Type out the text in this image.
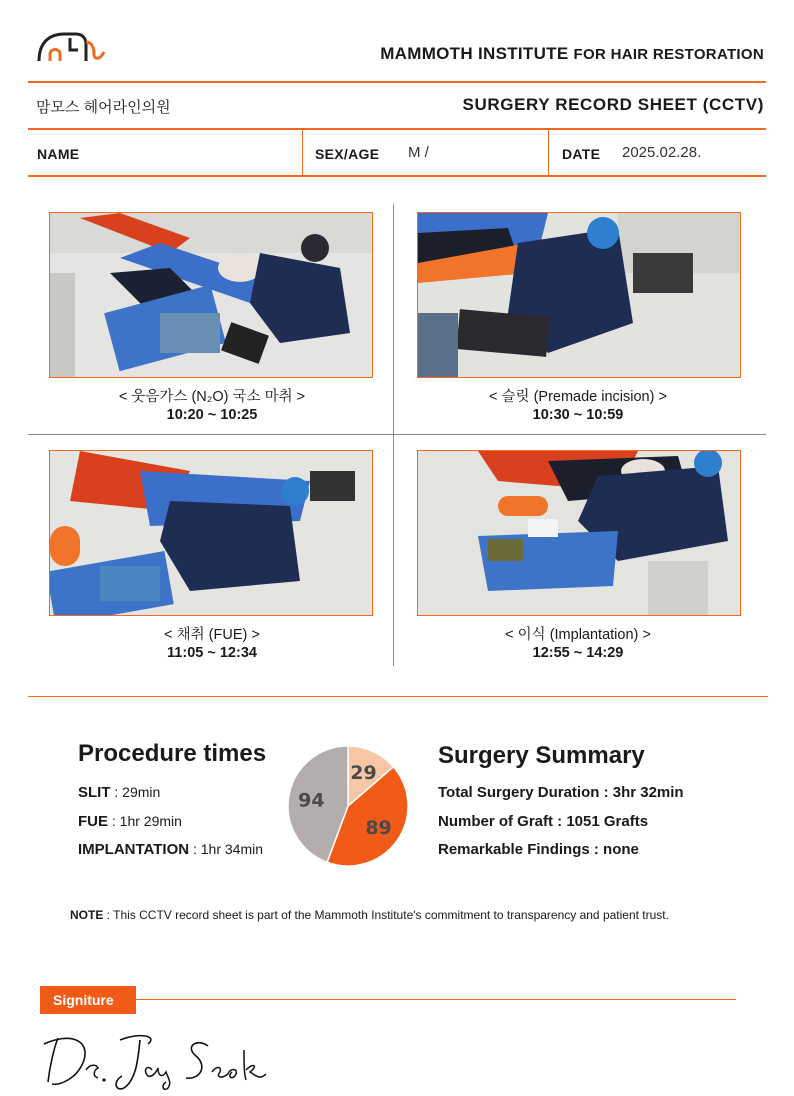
MAMMOTH INSTITUTE FOR HAIR RESTORATION
맘모스 헤어라인의원	SURGERY RECORD SHEET (CCTV)
NAME	SEX/AGE M /	DATE 2025.02.28.
< 웃음가스 (N₂O) 국소 마취 >
10:20 ~ 10:25
< 슬릿 (Premade incision) >
10:30 ~ 10:59
< 채취 (FUE) >
11:05 ~ 12:34
< 이식 (Implantation) >
12:55 ~ 14:29
Procedure times
SLIT : 29min
FUE : 1hr 29min
IMPLANTATION : 1hr 34min
29
89
94
Surgery Summary
Total Surgery Duration : 3hr 32min
Number of Graft : 1051 Grafts
Remarkable Findings : none
NOTE : This CCTV record sheet is part of the Mammoth Institute's commitment to transparency and patient trust.
Signiture
